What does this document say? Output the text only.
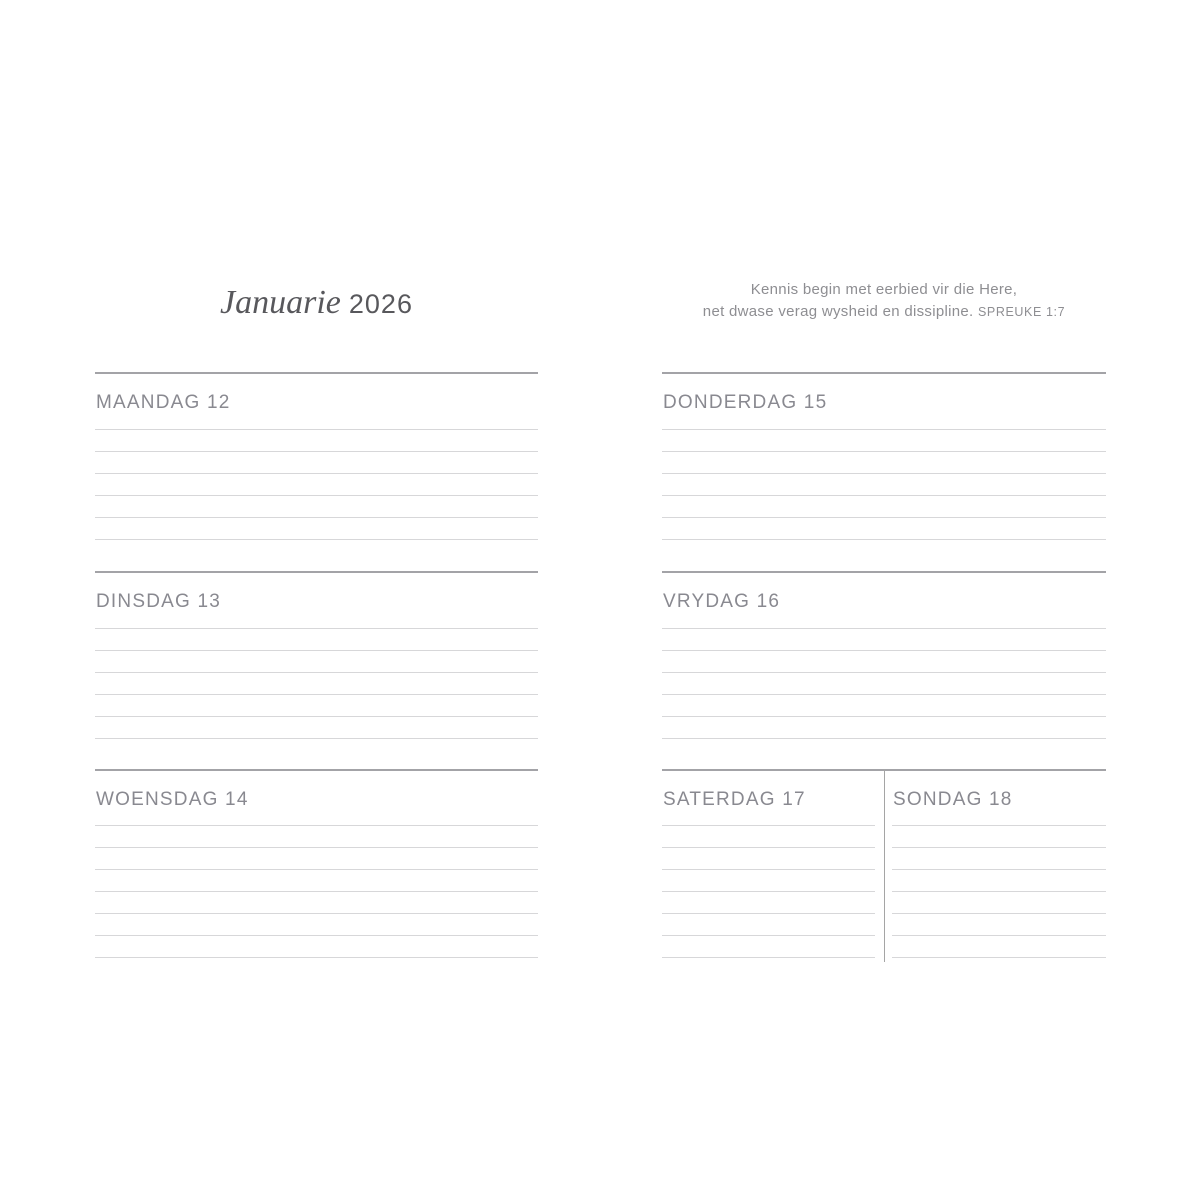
Januarie 2026
MAANDAG 12
DINSDAG 13
WOENSDAG 14
Kennis begin met eerbied vir die Here,
net dwase verag wysheid en dissipline. SPREUKE 1:7
DONDERDAG 15
VRYDAG 16
SATERDAG 17	SONDAG 18
